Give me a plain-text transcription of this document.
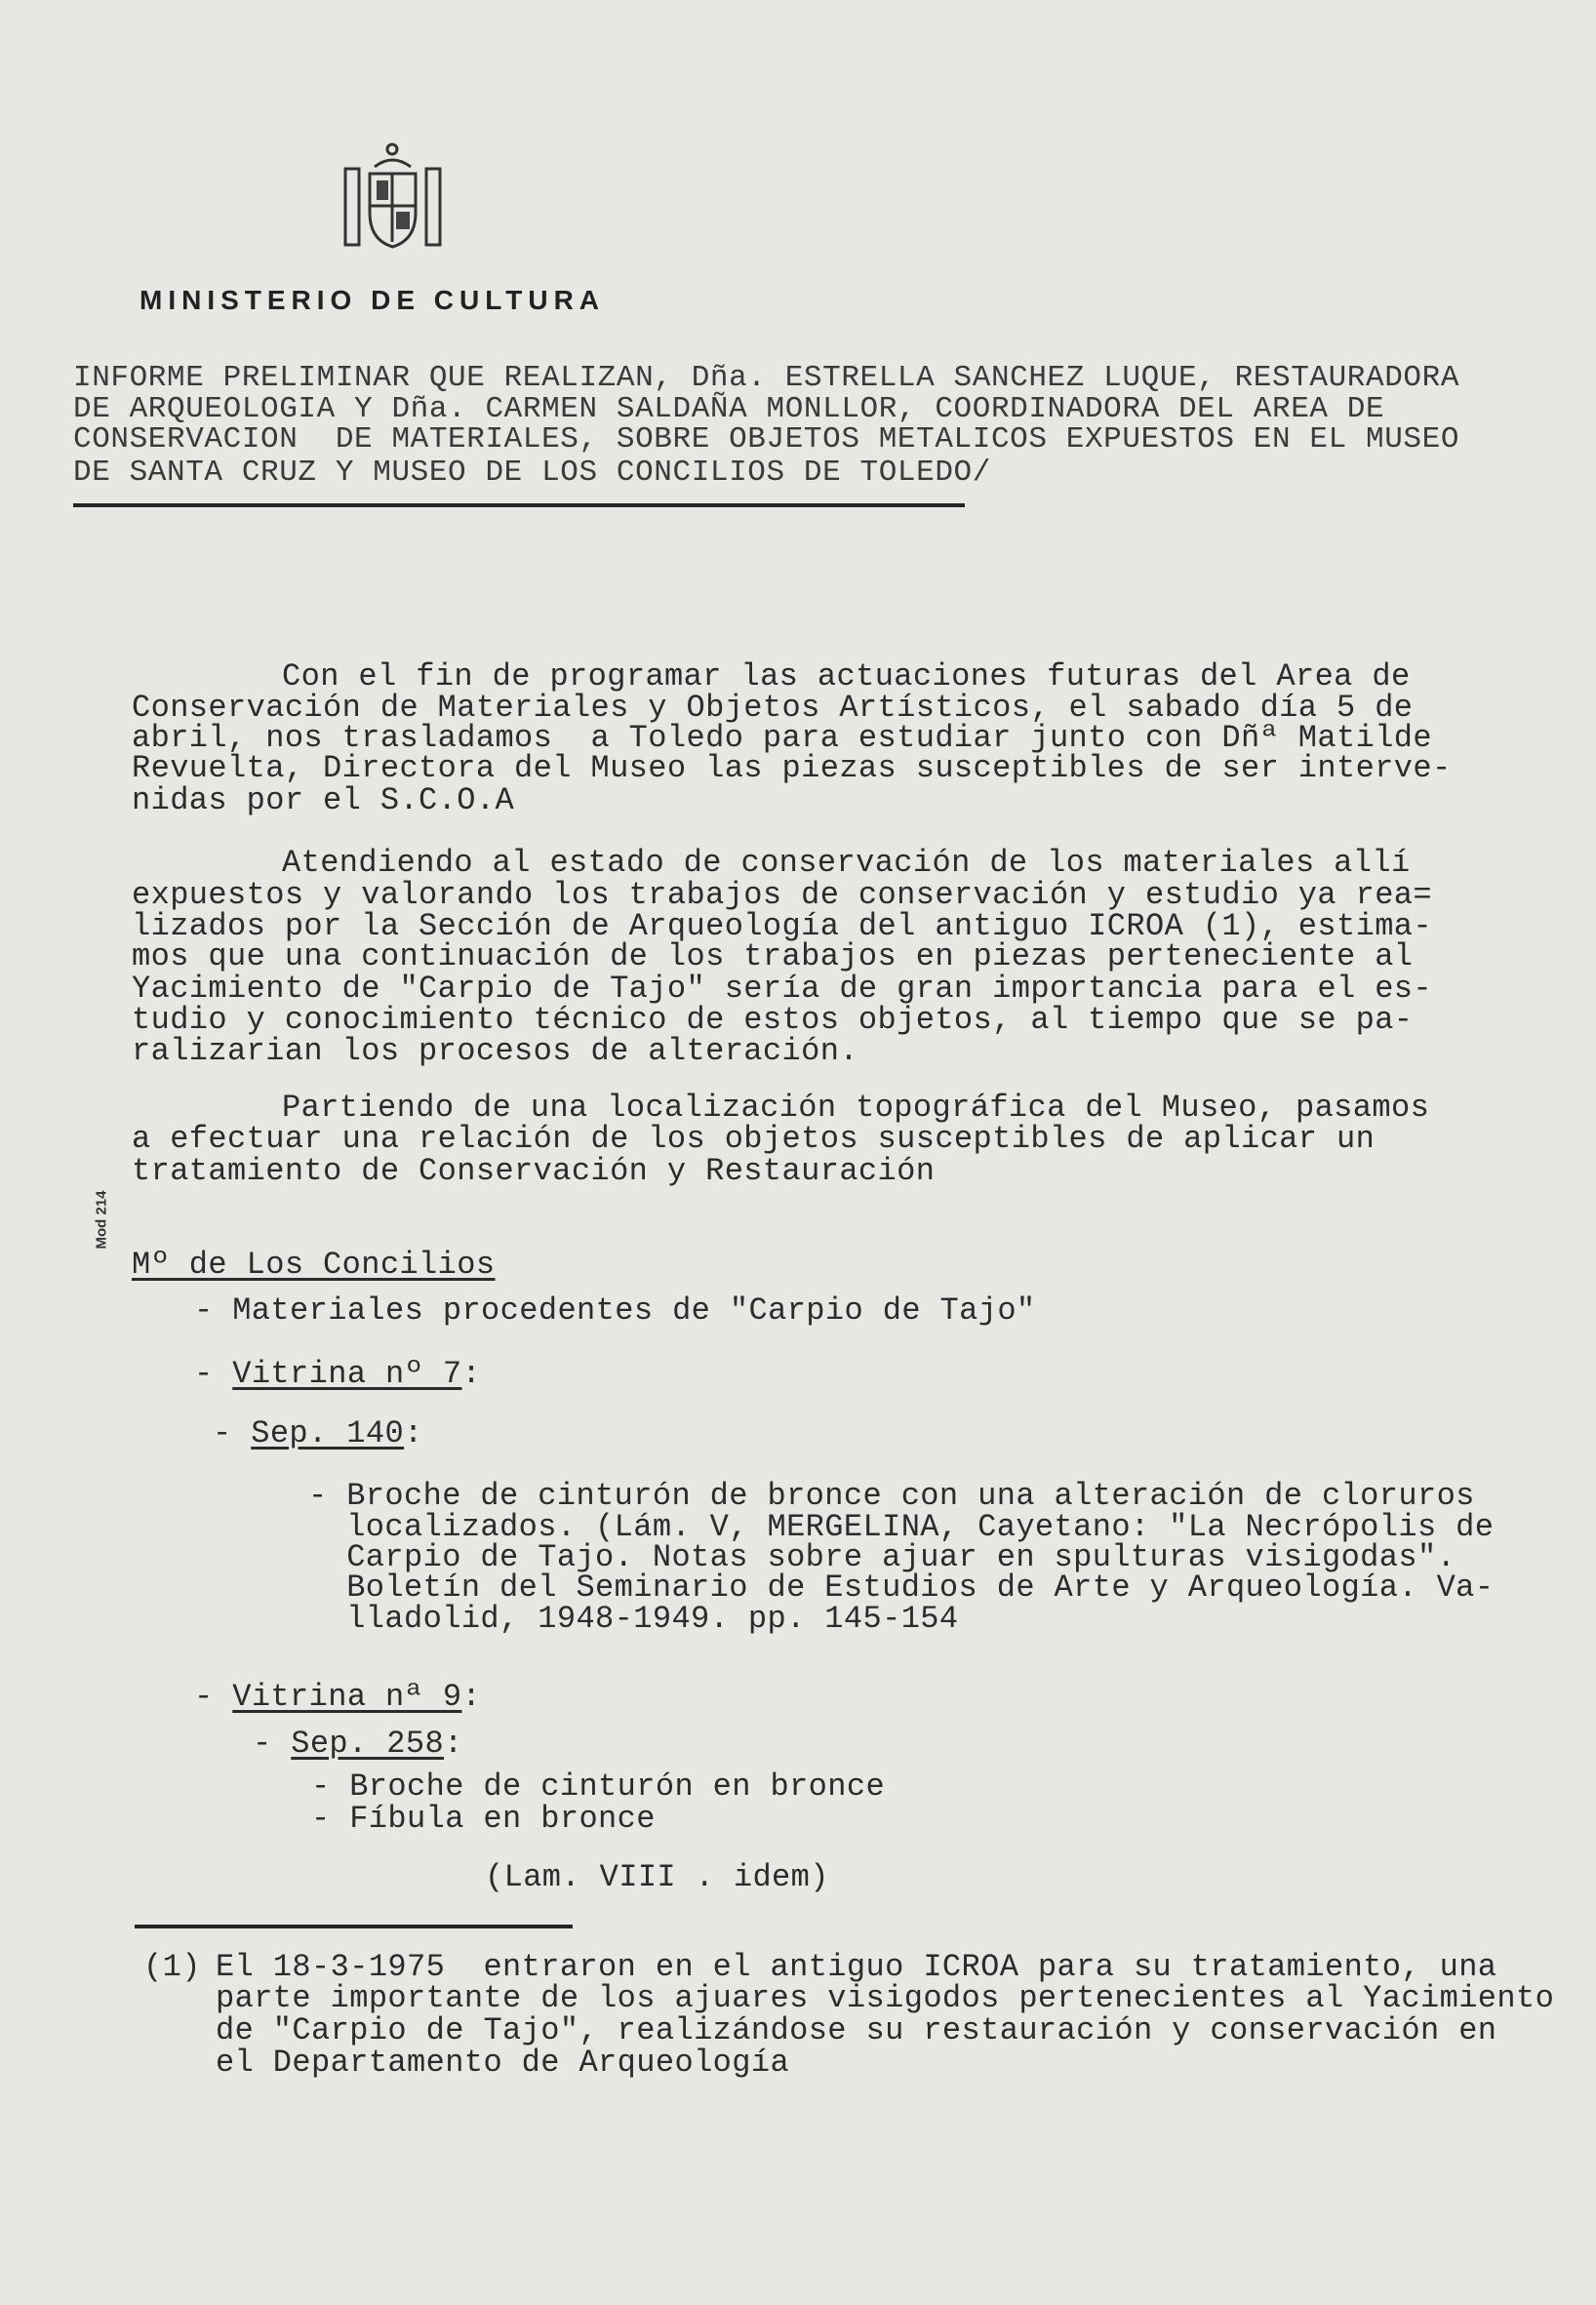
MINISTERIO DE CULTURA
INFORME PRELIMINAR QUE REALIZAN, Dña. ESTRELLA SANCHEZ LUQUE, RESTAURADORA
DE ARQUEOLOGIA Y Dña. CARMEN SALDAÑA MONLLOR, COORDINADORA DEL AREA DE
CONSERVACION  DE MATERIALES, SOBRE OBJETOS METALICOS EXPUESTOS EN EL MUSEO
DE SANTA CRUZ Y MUSEO DE LOS CONCILIOS DE TOLEDO/
Con el fin de programar las actuaciones futuras del Area de
Conservación de Materiales y Objetos Artísticos, el sabado día 5 de
abril, nos trasladamos  a Toledo para estudiar junto con Dñª Matilde
Revuelta, Directora del Museo las piezas susceptibles de ser interve-
nidas por el S.C.O.A
Atendiendo al estado de conservación de los materiales allí
expuestos y valorando los trabajos de conservación y estudio ya rea=
lizados por la Sección de Arqueología del antiguo ICROA (1), estima-
mos que una continuación de los trabajos en piezas perteneciente al
Yacimiento de "Carpio de Tajo" sería de gran importancia para el es-
tudio y conocimiento técnico de estos objetos, al tiempo que se pa-
ralizarian los procesos de alteración.
Partiendo de una localización topográfica del Museo, pasamos
a efectuar una relación de los objetos susceptibles de aplicar un
tratamiento de Conservación y Restauración
Mod 214
Mº de Los Concilios
- Materiales procedentes de "Carpio de Tajo"
- Vitrina nº 7:
- Sep. 140:
- Broche de cinturón de bronce con una alteración de cloruros
localizados. (Lám. V, MERGELINA, Cayetano: "La Necrópolis de
Carpio de Tajo. Notas sobre ajuar en spulturas visigodas".
Boletín del Seminario de Estudios de Arte y Arqueología. Va-
lladolid, 1948-1949. pp. 145-154
- Vitrina nª 9:
- Sep. 258:
- Broche de cinturón en bronce
- Fíbula en bronce
(Lam. VIII . idem)
(1) El 18-3-1975  entraron en el antiguo ICROA para su tratamiento, una
parte importante de los ajuares visigodos pertenecientes al Yacimiento
de "Carpio de Tajo", realizándose su restauración y conservación en
el Departamento de Arqueología
